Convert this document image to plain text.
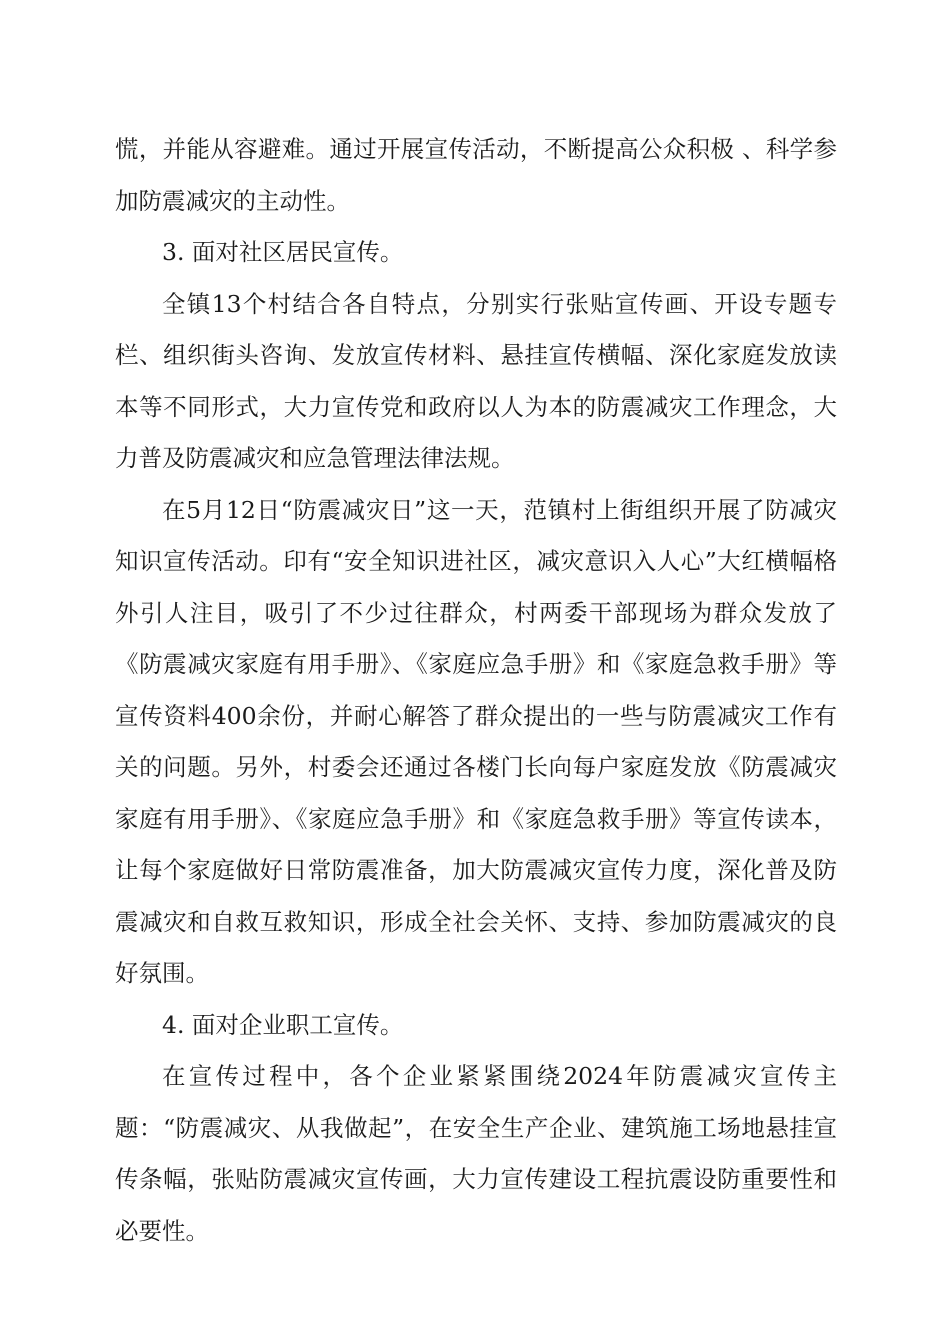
慌，并能从容避难。通过开展宣传活动，不断提高公众积极 、科学参加防震减灾的主动性。

3. 面对社区居民宣传。

全镇13个村结合各自特点，分别实行张贴宣传画、开设专题专栏、组织街头咨询、发放宣传材料、悬挂宣传横幅、深化家庭发放读本等不同形式，大力宣传党和政府以人为本的防震减灾工作理念，大力普及防震减灾和应急管理法律法规。

在5月12日“防震减灾日”这一天，范镇村上街组织开展了防减灾知识宣传活动。印有“安全知识进社区，减灾意识入人心”大红横幅格外引人注目，吸引了不少过往群众，村两委干部现场为群众发放了《防震减灾家庭有用手册》、《家庭应急手册》和《家庭急救手册》等宣传资料400余份，并耐心解答了群众提出的一些与防震减灾工作有关的问题。另外，村委会还通过各楼门长向每户家庭发放《防震减灾家庭有用手册》、《家庭应急手册》和《家庭急救手册》等宣传读本，让每个家庭做好日常防震准备，加大防震减灾宣传力度，深化普及防震减灾和自救互救知识，形成全社会关怀、支持、参加防震减灾的良好氛围。

4. 面对企业职工宣传。

在宣传过程中，各个企业紧紧围绕2024年防震减灾宣传主题：“防震减灾、从我做起”，在安全生产企业、建筑施工场地悬挂宣传条幅，张贴防震减灾宣传画，大力宣传建设工程抗震设防重要性和必要性。
